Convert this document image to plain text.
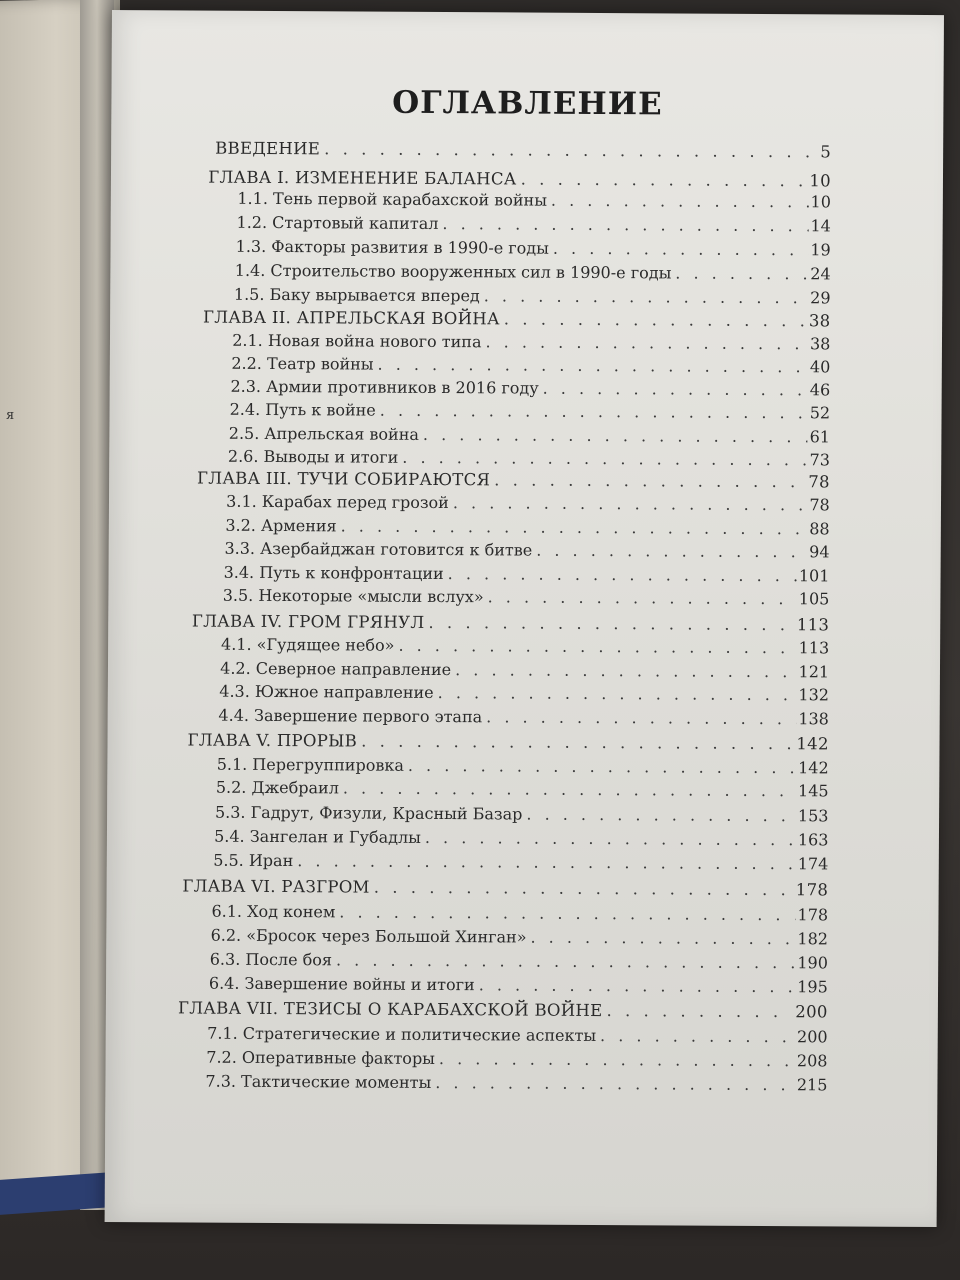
я
ОГЛАВЛЕНИЕ
ВВЕДЕНИЕ . . .	5
ГЛАВА I. ИЗМЕНЕНИЕ БАЛАНСА . . .	10
1.1. Тень первой карабахской войны . . .	10
1.2. Стартовый капитал . . .	14
1.3. Факторы развития в 1990-е годы . . .	19
1.4. Строительство вооруженных сил в 1990-е годы . . .	24
1.5. Баку вырывается вперед . . .	29
ГЛАВА II. АПРЕЛЬСКАЯ ВОЙНА . . .	38
2.1. Новая война нового типа . . .	38
2.2. Театр войны . . .	40
2.3. Армии противников в 2016 году . . .	46
2.4. Путь к войне . . .	52
2.5. Апрельская война . . .	61
2.6. Выводы и итоги . . .	73
ГЛАВА III. ТУЧИ СОБИРАЮТСЯ . . .	78
3.1. Карабах перед грозой . . .	78
3.2. Армения . . .	88
3.3. Азербайджан готовится к битве . . .	94
3.4. Путь к конфронтации . . .	101
3.5. Некоторые «мысли вслух» . . .	105
ГЛАВА IV. ГРОМ ГРЯНУЛ . . .	113
4.1. «Гудящее небо» . . .	113
4.2. Северное направление . . .	121
4.3. Южное направление . . .	132
4.4. Завершение первого этапа . . .	138
ГЛАВА V. ПРОРЫВ . . .	142
5.1. Перегруппировка . . .	142
5.2. Джебраил . . .	145
5.3. Гадрут, Физули, Красный Базар . . .	153
5.4. Зангелан и Губадлы . . .	163
5.5. Иран . . .	174
ГЛАВА VI. РАЗГРОМ . . .	178
6.1. Ход конем . . .	178
6.2. «Бросок через Большой Хинган» . . .	182
6.3. После боя . . .	190
6.4. Завершение войны и итоги . . .	195
ГЛАВА VII. ТЕЗИСЫ О КАРАБАХСКОЙ ВОЙНЕ . . .	200
7.1. Стратегические и политические аспекты . . .	200
7.2. Оперативные факторы . . .	208
7.3. Тактические моменты . . .	215
